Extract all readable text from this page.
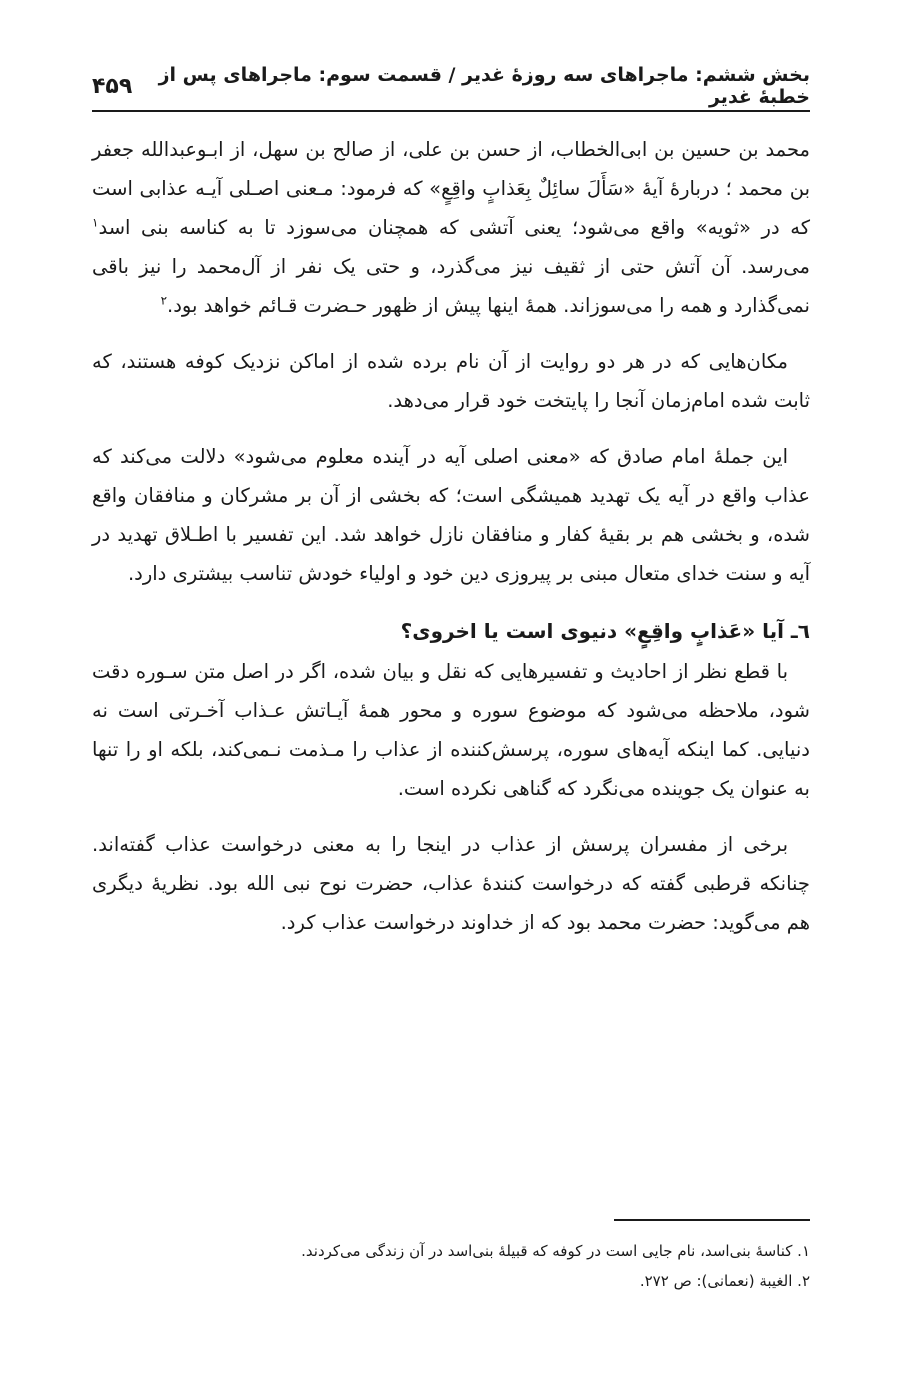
بخش ششم: ماجراهای سه روزهٔ غدیر / قسمت سوم: ماجراهای پس از خطبهٔ غدیر
۴۵۹

محمد بن حسین بن ابی‌الخطاب، از حسن بن علی، از صالح بن سهل، از ابـوعبدالله جعفر بن محمد ؛ دربارهٔ آیهٔ «سَأَلَ سائِلٌ بِعَذابٍ واقِعٍ» که فرمود: مـعنی اصـلی آیـه عذابی است که در «ثویه» واقع می‌شود؛ یعنی آتشی که همچنان می‌سوزد تا به کناسه بنی اسد$^۱$ می‌رسد. آن آتش حتی از ثقیف نیز می‌گذرد، و حتی یک نفر از آل‌محمد را نیز باقی نمی‌گذارد و همه را می‌سوزاند. همهٔ اینها پیش از ظهور حـضرت قـائم خواهد بود.$^۲$

مکان‌هایی که در هر دو روایت از آن نام برده شده از اماکن نزدیک کوفه هستند، که ثابت شده امام‌زمان آنجا را پایتخت خود قرار می‌دهد.

این جملهٔ امام صادق که «معنی اصلی آیه در آینده معلوم می‌شود» دلالت می‌کند که عذاب واقع در آیه یک تهدید همیشگی است؛ که بخشی از آن بر مشرکان و منافقان واقع شده، و بخشی هم بر بقیهٔ کفار و منافقان نازل خواهد شد. این تفسیر با اطـلاق تهدید در آیه و سنت خدای متعال مبنی بر پیروزی دین خود و اولیاء خودش تناسب بیشتری دارد.

٦ـ آیا «عَذابٍ واقِعٍ» دنیوی است یا اخروی؟

با قطع نظر از احادیث و تفسیرهایی که نقل و بیان شده، اگر در اصل متن سـوره دقت شود، ملاحظه می‌شود که موضوع سوره و محور همهٔ آیـاتش عـذاب آخـرتی است نه دنیایی. کما اینکه آیه‌های سوره، پرسش‌کننده از عذاب را مـذمت نـمی‌کند، بلکه او را تنها به عنوان یک جوینده می‌نگرد که گناهی نکرده است.

برخی از مفسران پرسش از عذاب در اینجا را به معنی درخواست عذاب گفته‌اند. چنانکه قرطبی گفته که درخواست کنندهٔ عذاب، حضرت نوح نبی الله بود. نظریهٔ دیگری هم می‌گوید: حضرت محمد بود که از خداوند درخواست عذاب کرد.

۱. کناسهٔ بنی‌اسد، نام جایی است در کوفه که قبیلهٔ بنی‌اسد در آن زندگی می‌کردند.
۲. الغیبة (نعمانی): ص ۲۷۲.
